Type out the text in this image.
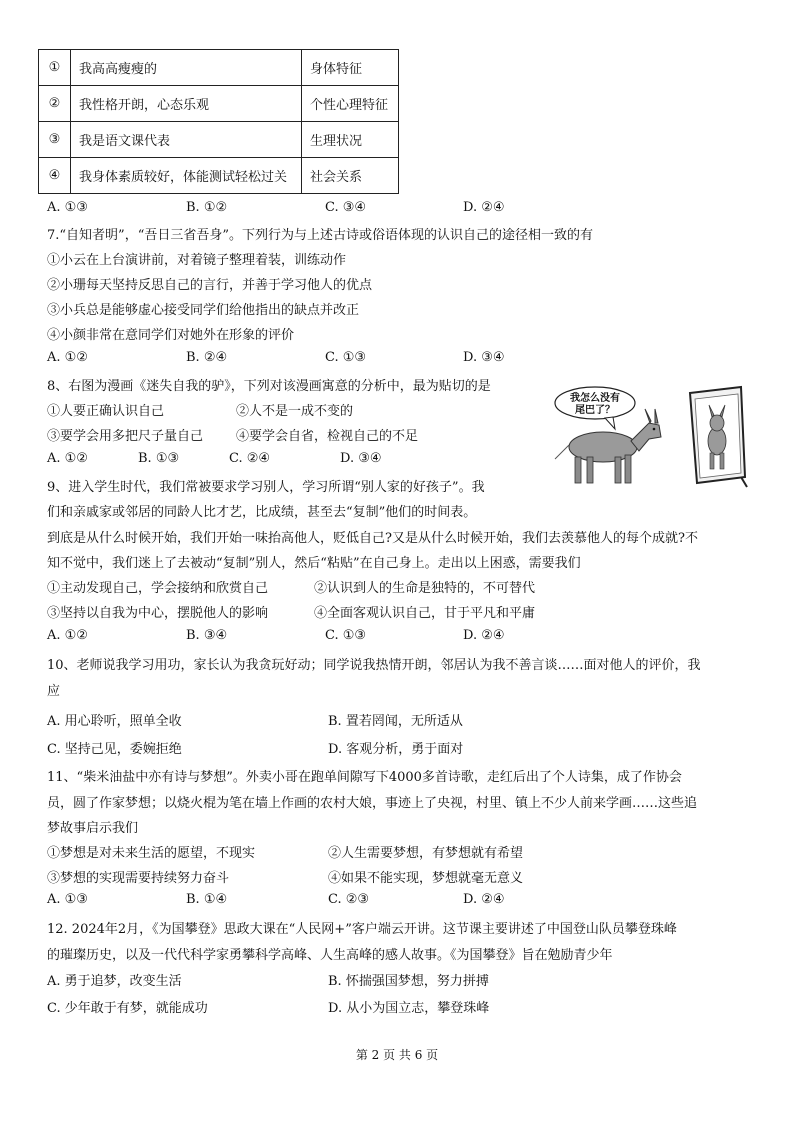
①	我高高瘦瘦的	身体特征
②	我性格开朗，心态乐观	个性心理特征
③	我是语文课代表	生理状况
④	我身体素质较好，体能测试轻松过关	社会关系
A. ①③	B. ①②	C. ③④	D. ②④
7.“自知者明”，“吾日三省吾身”。下列行为与上述古诗或俗语体现的认识自己的途径相一致的有
①小云在上台演讲前，对着镜子整理着装，训练动作
②小珊每天坚持反思自己的言行，并善于学习他人的优点
③小兵总是能够虚心接受同学们给他指出的缺点并改正
④小颜非常在意同学们对她外在形象的评价
A. ①②	B. ②④	C. ①③	D. ③④
8、右图为漫画《迷失自我的驴》，下列对该漫画寓意的分析中，最为贴切的是
①人要正确认识自己	②人不是一成不变的
③要学会用多把尺子量自己	④要学会自省，检视自己的不足
A. ①②	B. ①③	C. ②④	D. ③④
我怎么没有
尾巴了？
9、进入学生时代，我们常被要求学习别人，学习所谓“别人家的好孩子”。我
们和亲戚家或邻居的同龄人比才艺，比成绩，甚至去“复制”他们的时间表。
到底是从什么时候开始，我们开始一味抬高他人，贬低自己?又是从什么时候开始，我们去羡慕他人的每个成就?不
知不觉中，我们迷上了去被动“复制”别人，然后“粘贴”在自己身上。走出以上困惑，需要我们
①主动发现自己，学会接纳和欣赏自己	②认识到人的生命是独特的，不可替代
③坚持以自我为中心，摆脱他人的影响	④全面客观认识自己，甘于平凡和平庸
A. ①②	B. ③④	C. ①③	D. ②④
10、老师说我学习用功，家长认为我贪玩好动；同学说我热情开朗，邻居认为我不善言谈……面对他人的评价，我
应
A. 用心聆听，照单全收	B. 置若罔闻，无所适从
C. 坚持己见，委婉拒绝	D. 客观分析，勇于面对
11、“柴米油盐中亦有诗与梦想”。外卖小哥在跑单间隙写下4000多首诗歌，走红后出了个人诗集，成了作协会
员，圆了作家梦想；以烧火棍为笔在墙上作画的农村大娘，事迹上了央视，村里、镇上不少人前来学画……这些追
梦故事启示我们
①梦想是对未来生活的愿望，不现实	②人生需要梦想，有梦想就有希望
③梦想的实现需要持续努力奋斗	④如果不能实现，梦想就毫无意义
A. ①③	B. ①④	C. ②③	D. ②④
12. 2024年2月，《为国攀登》思政大课在“人民网+”客户端云开讲。这节课主要讲述了中国登山队员攀登珠峰
的璀璨历史，以及一代代科学家勇攀科学高峰、人生高峰的感人故事。《为国攀登》旨在勉励青少年
A. 勇于追梦，改变生活	B. 怀揣强国梦想，努力拼搏
C. 少年敢于有梦，就能成功	D. 从小为国立志，攀登珠峰
第 2 页 共 6 页
